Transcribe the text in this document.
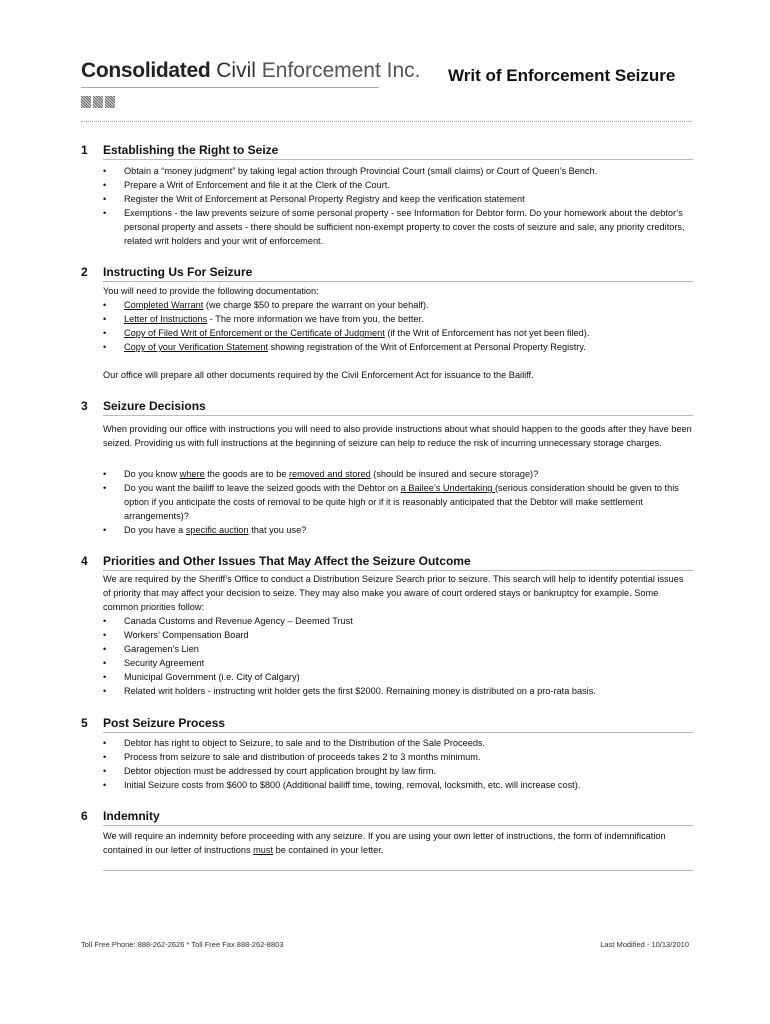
Consolidated Civil Enforcement Inc. Writ of Enforcement Seizure
1 Establishing the Right to Seize
• Obtain a “money judgment” by taking legal action through Provincial Court (small claims) or Court of Queen’s Bench.
• Prepare a Writ of Enforcement and file it at the Clerk of the Court.
• Register the Writ of Enforcement at Personal Property Registry and keep the verification statement
• Exemptions - the law prevents seizure of some personal property - see Information for Debtor form. Do your homework about the debtor’s personal property and assets - there should be sufficient non-exempt property to cover the costs of seizure and sale, any priority creditors, related writ holders and your writ of enforcement.
2 Instructing Us For Seizure
You will need to provide the following documentation:
• Completed Warrant (we charge $50 to prepare the warrant on your behalf).
• Letter of Instructions - The more information we have from you, the better.
• Copy of Filed Writ of Enforcement or the Certificate of Judgment (if the Writ of Enforcement has not yet been filed).
• Copy of your Verification Statement showing registration of the Writ of Enforcement at Personal Property Registry.
Our office will prepare all other documents required by the Civil Enforcement Act for issuance to the Bailiff.
3 Seizure Decisions
When providing our office with instructions you will need to also provide instructions about what should happen to the goods after they have been seized. Providing us with full instructions at the beginning of seizure can help to reduce the risk of incurring unnecessary storage charges.
• Do you know where the goods are to be removed and stored (should be insured and secure storage)?
• Do you want the bailiff to leave the seized goods with the Debtor on a Bailee’s Undertaking (serious consideration should be given to this option if you anticipate the costs of removal to be quite high or if it is reasonably anticipated that the Debtor will make settlement arrangements)?
• Do you have a specific auction that you use?
4 Priorities and Other Issues That May Affect the Seizure Outcome
We are required by the Sheriff’s Office to conduct a Distribution Seizure Search prior to seizure. This search will help to identify potential issues of priority that may affect your decision to seize. They may also make you aware of court ordered stays or bankruptcy for example. Some common priorities follow:
• Canada Customs and Revenue Agency – Deemed Trust
• Workers’ Compensation Board
• Garagemen’s Lien
• Security Agreement
• Municipal Government (i.e. City of Calgary)
• Related writ holders - instructing writ holder gets the first $2000. Remaining money is distributed on a pro-rata basis.
5 Post Seizure Process
• Debtor has right to object to Seizure, to sale and to the Distribution of the Sale Proceeds.
• Process from seizure to sale and distribution of proceeds takes 2 to 3 months minimum.
• Debtor objection must be addressed by court application brought by law firm.
• Initial Seizure costs from $600 to $800 (Additional bailiff time, towing, removal, locksmith, etc. will increase cost).
6 Indemnity
We will require an indemnity before proceeding with any seizure. If you are using your own letter of instructions, the form of indemnification contained in our letter of instructions must be contained in your letter.
Toll Free Phone: 888-262-2626 * Toll Free Fax 888-262-8803	Last Modified - 10/13/2010
